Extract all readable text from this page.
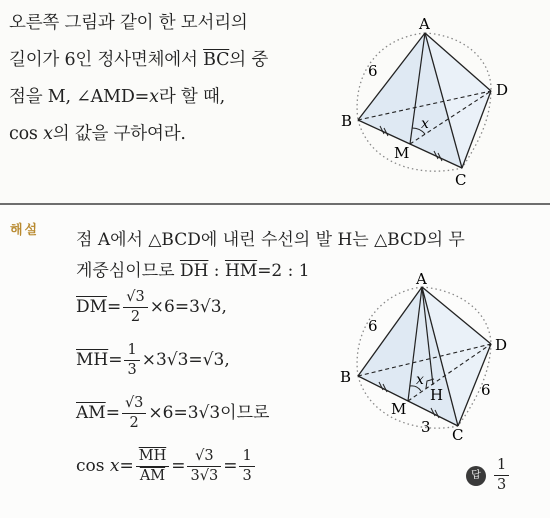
오른쪽 그림과 같이 한 모서리의
길이가 6인 정사면체에서 $\overline{BC}$의 중
점을 M, ∠AMD=x라 할 때,
cos x의 값을 구하여라.
A
B
C
D
M
x
6
해설 점 A에서 △BCD에 내린 수선의 발 H는 △BCD의 무
게중심이므로 $\overline{DH}$ : $\overline{HM}=2$ : 1
$\overline{DM}= \frac{√3}{2} \times 6=3√3$,
$\overline{MH}= \frac{1}{3} \times 3√3=√3$,
$\overline{AM}= \frac{√3}{2} \times 6=3√3$이므로
$\cos x= \frac{\overline{MH}}{AM} = \frac{√3}{3√3} = \frac{1}{3}$
A
B
C
D
M
H
x
6
6
3
답 $\frac{1}{3}$
